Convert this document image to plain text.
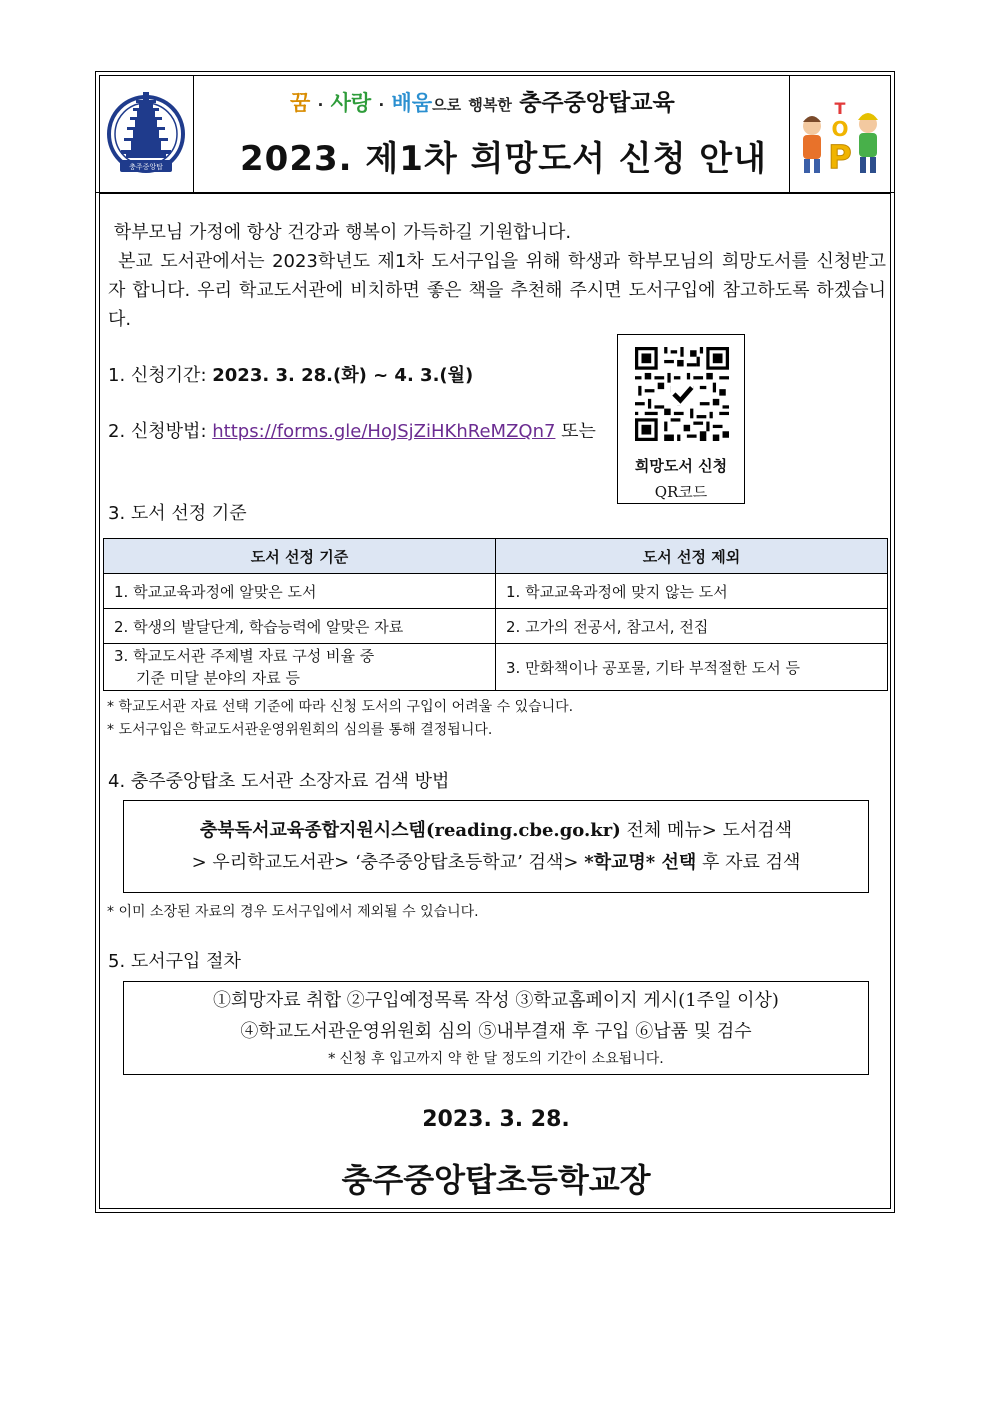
충주중앙탑
꿈 · 사랑 · 배움으로 행복한 충주중앙탑교육
2023. 제1차 희망도서 신청 안내
T
O
P
학부모님 가정에 항상 건강과 행복이 가득하길 기원합니다.
본교 도서관에서는 2023학년도 제1차 도서구입을 위해 학생과 학부모님의 희망도서를 신청받고자 합니다. 우리 학교도서관에 비치하면 좋은 책을 추천해 주시면 도서구입에 참고하도록 하겠습니다.
1. 신청기간: 2023. 3. 28.(화) ~ 4. 3.(월)
2. 신청방법: https://forms.gle/HoJSjZiHKhReMZQn7 또는
희망도서 신청
QR코드
3. 도서 선정 기준
도서 선정 기준	도서 선정 제외
1. 학교교육과정에 알맞은 도서	1. 학교교육과정에 맞지 않는 도서
2. 학생의 발달단계, 학습능력에 알맞은 자료	2. 고가의 전공서, 참고서, 전집

3. 학교도서관 주제별 자료 구성 비율 중
기준 미달 분야의 자료 등	3. 만화책이나 공포물, 기타 부적절한 도서 등
* 학교도서관 자료 선택 기준에 따라 신청 도서의 구입이 어려울 수 있습니다.
* 도서구입은 학교도서관운영위원회의 심의를 통해 결정됩니다.
4. 충주중앙탑초 도서관 소장자료 검색 방법
충북독서교육종합지원시스템(reading.cbe.go.kr) 전체 메뉴> 도서검색
> 우리학교도서관> ‘충주중앙탑초등학교’ 검색> *학교명* 선택 후 자료 검색
* 이미 소장된 자료의 경우 도서구입에서 제외될 수 있습니다.
5. 도서구입 절차
①희망자료 취합 ②구입예정목록 작성 ③학교홈페이지 게시(1주일 이상)
④학교도서관운영위원회 심의 ⑤내부결재 후 구입 ⑥납품 및 검수
* 신청 후 입고까지 약 한 달 정도의 기간이 소요됩니다.
2023. 3. 28.
충주중앙탑초등학교장
